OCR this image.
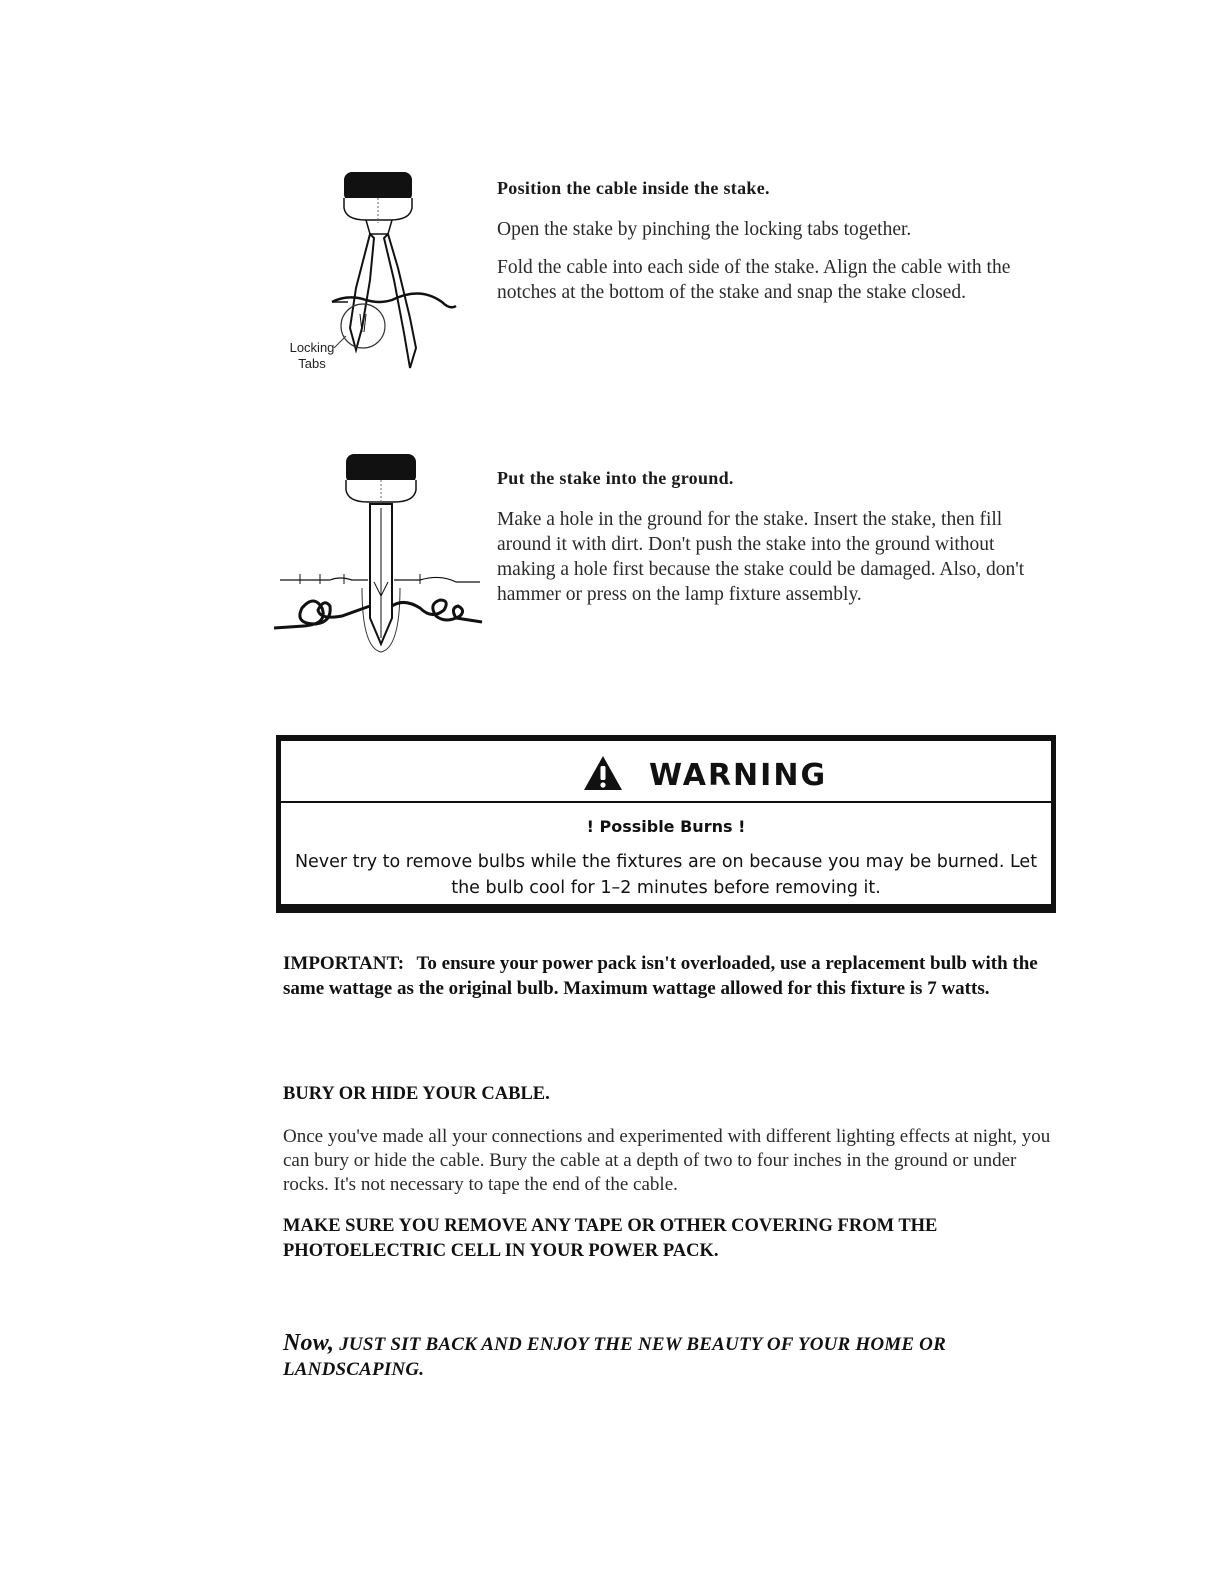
Locking
Tabs
Position the cable inside the stake.

Open the stake by pinching the locking tabs together.

Fold the cable into each side of the stake. Align the cable with the notches at the bottom of the stake and snap the stake closed.

Put the stake into the ground.
Make a hole in the ground for the stake. Insert the stake, then fill around it with dirt. Don't push the stake into the ground without making a hole first because the stake could be damaged. Also, don't hammer or press on the lamp fixture assembly.
WARNING
! Possible Burns !
Never try to remove bulbs while the fixtures are on because you may be burned. Let the bulb cool for 1–2 minutes before removing it.
IMPORTANT: To ensure your power pack isn't overloaded, use a replacement bulb with the same wattage as the original bulb. Maximum wattage allowed for this fixture is 7 watts.
BURY OR HIDE YOUR CABLE.
Once you've made all your connections and experimented with different lighting effects at night, you can bury or hide the cable. Bury the cable at a depth of two to four inches in the ground or under rocks. It's not necessary to tape the end of the cable.
MAKE SURE YOU REMOVE ANY TAPE OR OTHER COVERING FROM THE PHOTOELECTRIC CELL IN YOUR POWER PACK.
Now, JUST SIT BACK AND ENJOY THE NEW BEAUTY OF YOUR HOME OR LANDSCAPING.
